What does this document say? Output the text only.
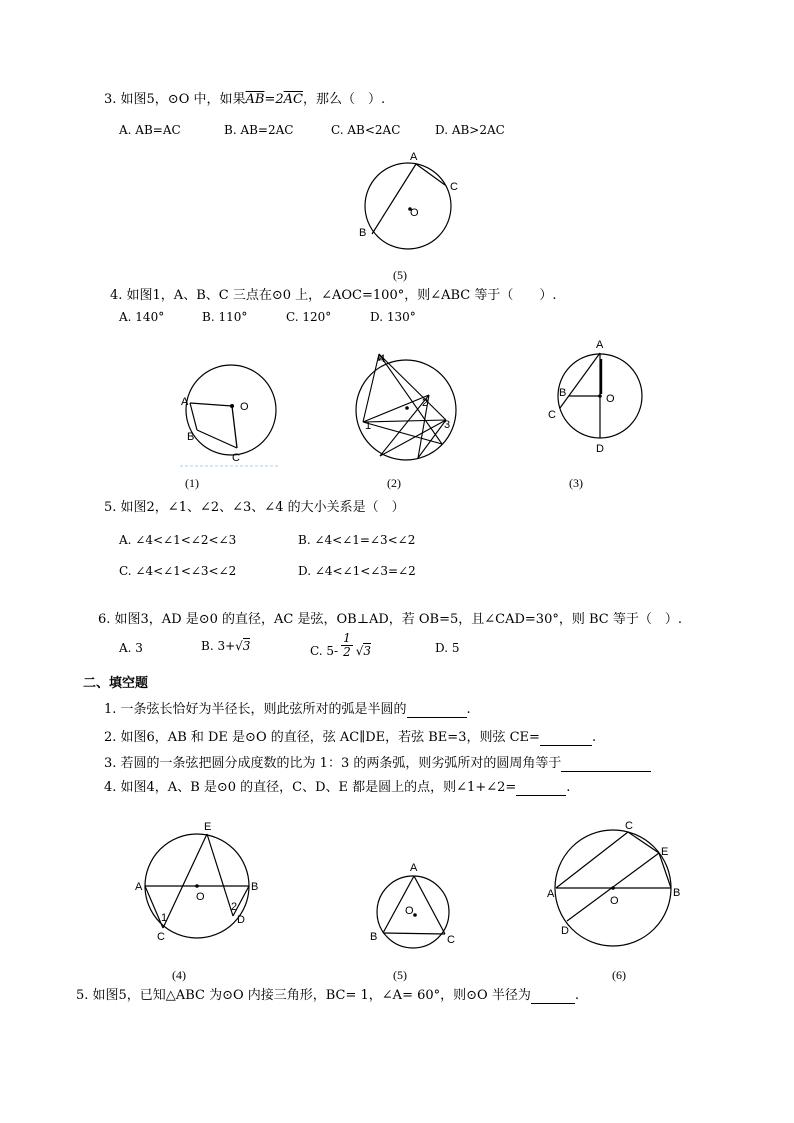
3. 如图5，⊙O 中，如果$\overline{AB}=2\overline{AC}$，那么（　）.
A. AB=AC	B. AB=2AC	C. AB<2AC	D. AB>2AC
A
B
C
O
(5)
4. 如图1，A、B、C 三点在⊙0 上，∠AOC=100°，则∠ABC 等于（　　）.
A. 140°	B. 110°	C. 120°	D. 130°
A
B
C
O
(1)
4
2
1	3
(2)
A
B
C
D
O
(3)
5. 如图2，∠1、∠2、∠3、∠4 的大小关系是（　）
A. ∠4<∠1<∠2<∠3	B. ∠4<∠1=∠3<∠2
C. ∠4<∠1<∠3<∠2	D. ∠4<∠1<∠3=∠2
6. 如图3，AD 是⊙0 的直径，AC 是弦，OB⊥AD，若 OB=5，且∠CAD=30°，则 BC 等于（　）.
A. 3	B. 3+√3	C. $5- \frac{1}{2} √3$	D. 5
二、填空题
1. 一条弦长恰好为半径长，则此弦所对的弧是半圆的	.
2. 如图6，AB 和 DE 是⊙O 的直径，弦 AC∥DE，若弦 BE=3，则弦 CE=	.
3. 若圆的一条弦把圆分成度数的比为 1：3 的两条弧，则劣弧所对的圆周角等于
4. 如图4，A、B 是⊙0 的直径，C、D、E 都是圆上的点，则∠1+∠2=	.
E
A	B
O
C
D
1
2
(4)
A
O
B	C
(5)
C
E
A	B
O
D
(6)
5. 如图5，已知△ABC 为⊙O 内接三角形，BC= 1，∠A= 60°，则⊙O 半径为	.
